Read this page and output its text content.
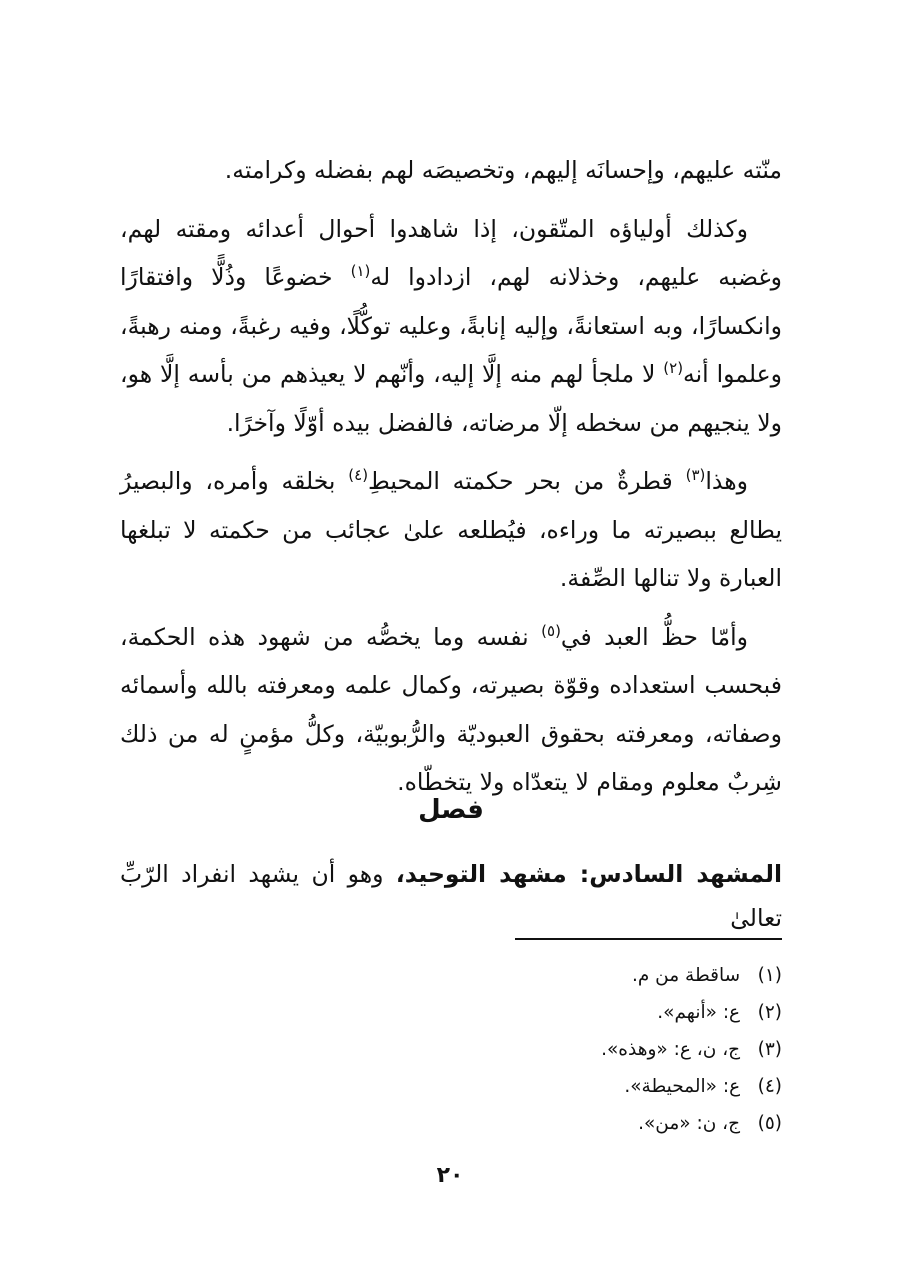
منّته عليهم، وإحسانَه إليهم، وتخصيصَه لهم بفضله وكرامته.

وكذلك أولياؤه المتّقون، إذا شاهدوا أحوال أعدائه ومقته لهم، وغضبه عليهم، وخذلانه لهم، ازدادوا له$^{(١)}$ خضوعًا وذُلًّا وافتقارًا وانكسارًا، وبه استعانةً، وإليه إنابةً، وعليه توكُّلًا، وفيه رغبةً، ومنه رهبةً، وعلموا أنه$^{(٢)}$ لا ملجأ لهم منه إلَّا إليه، وأنّهم لا يعيذهم من بأسه إلَّا هو، ولا ينجيهم من سخطه إلّا مرضاته، فالفضل بيده أوّلًا وآخرًا.

وهذا$^{(٣)}$ قطرةٌ من بحر حكمته المحيطِ$^{(٤)}$ بخلقه وأمره، والبصيرُ يطالع ببصيرته ما وراءه، فيُطلعه علىٰ عجائب من حكمته لا تبلغها العبارة ولا تنالها الصِّفة.

وأمّا حظُّ العبد في$^{(٥)}$ نفسه وما يخصُّه من شهود هذه الحكمة، فبحسب استعداده وقوّة بصيرته، وكمال علمه ومعرفته بالله وأسمائه وصفاته، ومعرفته بحقوق العبوديّة والرُّبوبيّة، وكلُّ مؤمنٍ له من ذلك شِربٌ معلوم ومقام لا يتعدّاه ولا يتخطّاه.

فصل
المشهد السادس: مشهد التوحيد، وهو أن يشهد انفراد الرّبِّ تعالىٰ
(١) ساقطة من م.
(٢) ع: «أنهم».
(٣) ج، ن، ع: «وهذه».
(٤) ع: «المحيطة».
(٥) ج، ن: «من».
٢٠
